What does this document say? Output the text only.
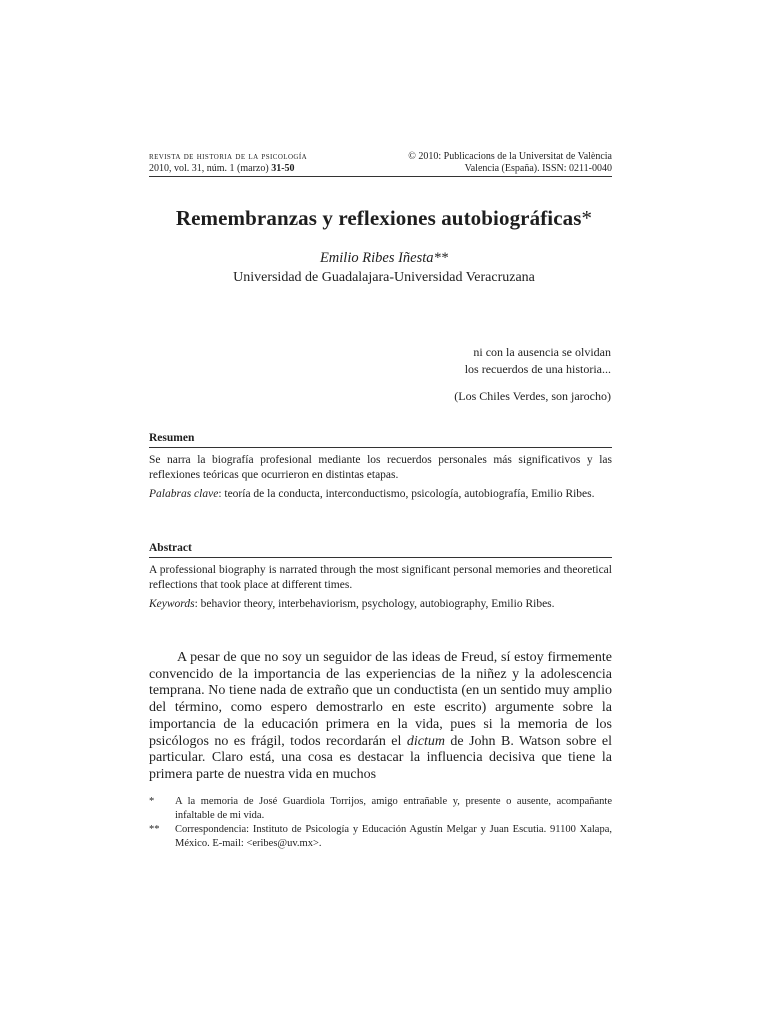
revista de historia de la psicología
2010, vol. 31, núm. 1 (marzo) 31-50
© 2010: Publicacions de la Universitat de València
Valencia (España). ISSN: 0211-0040
Remembranzas y reflexiones autobiográficas*
Emilio Ribes Iñesta**
Universidad de Guadalajara-Universidad Veracruzana
ni con la ausencia se olvidan
los recuerdos de una historia...
(Los Chiles Verdes, son jarocho)
Resumen

Se narra la biografía profesional mediante los recuerdos personales más significativos y las reflexiones teóricas que ocurrieron en distintas etapas.

Palabras clave: teoría de la conducta, interconductismo, psicología, autobiografía, Emilio Ribes.

Abstract

A professional biography is narrated through the most significant personal memories and theoretical reflections that took place at different times.

Keywords: behavior theory, interbehaviorism, psychology, autobiography, Emilio Ribes.

A pesar de que no soy un seguidor de las ideas de Freud, sí estoy firmemente convencido de la importancia de las experiencias de la niñez y la adolescencia temprana. No tiene nada de extraño que un conductista (en un sentido muy amplio del término, como espero demostrarlo en este escrito) argumente sobre la importancia de la educación primera en la vida, pues si la memoria de los psicólogos no es frágil, todos recordarán el dictum de John B. Watson sobre el particular. Claro está, una cosa es destacar la influencia decisiva que tiene la primera parte de nuestra vida en muchos

*	A la memoria de José Guardiola Torrijos, amigo entrañable y, presente o ausente, acompañante infaltable de mi vida.
**	Correspondencia: Instituto de Psicología y Educación Agustín Melgar y Juan Escutia. 91100 Xalapa, México. E-mail: <eribes@uv.mx>.
